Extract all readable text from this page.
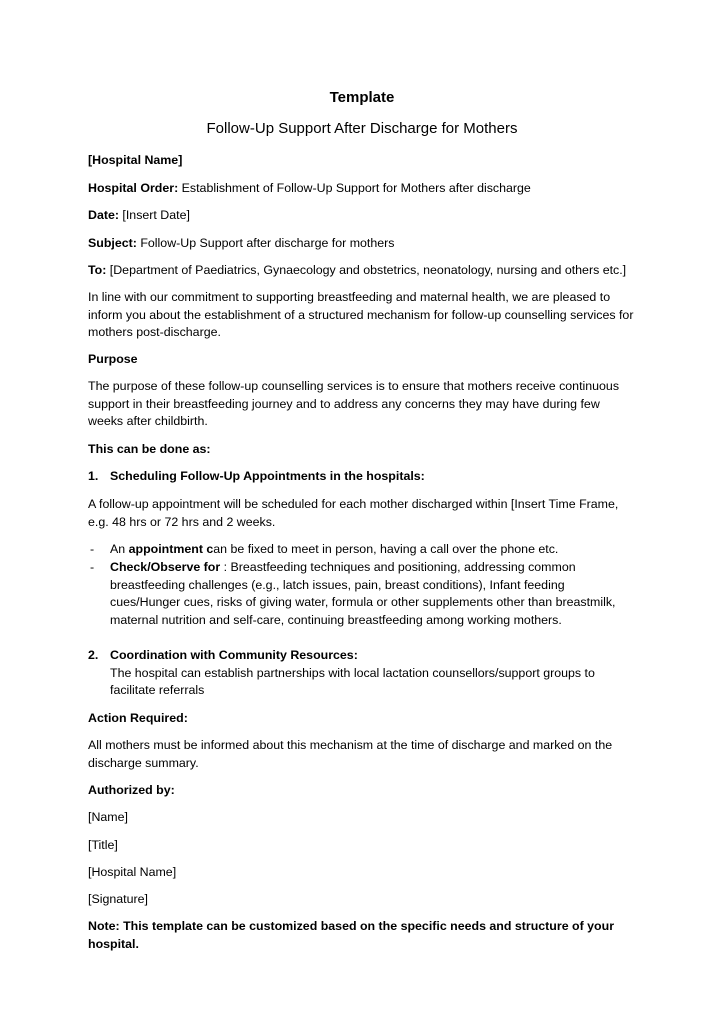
Template

Follow-Up Support After Discharge for Mothers

[Hospital Name]

Hospital Order: Establishment of Follow-Up Support for Mothers after discharge

Date: [Insert Date]

Subject: Follow-Up Support after discharge for mothers

To: [Department of Paediatrics, Gynaecology and obstetrics, neonatology, nursing and others etc.]

In line with our commitment to supporting breastfeeding and maternal health, we are pleased to inform you about the establishment of a structured mechanism for follow-up counselling services for mothers post-discharge.

Purpose

The purpose of these follow-up counselling services is to ensure that mothers receive continuous support in their breastfeeding journey and to address any concerns they may have during few weeks after childbirth.

This can be done as:

1. Scheduling Follow-Up Appointments in the hospitals:

A follow-up appointment will be scheduled for each mother discharged within [Insert Time Frame, e.g. 48 hrs or 72 hrs and 2 weeks.

- An appointment can be fixed to meet in person, having a call over the phone etc.

- Check/Observe for : Breastfeeding techniques and positioning, addressing common breastfeeding challenges (e.g., latch issues, pain, breast conditions), Infant feeding cues/Hunger cues, risks of giving water, formula or other supplements other than breastmilk, maternal nutrition and self-care, continuing breastfeeding among working mothers.

2. Coordination with Community Resources:
The hospital can establish partnerships with local lactation counsellors/support groups to facilitate referrals

Action Required:

All mothers must be informed about this mechanism at the time of discharge and marked on the discharge summary.

Authorized by:

[Name]

[Title]

[Hospital Name]

[Signature]

Note: This template can be customized based on the specific needs and structure of your hospital.
